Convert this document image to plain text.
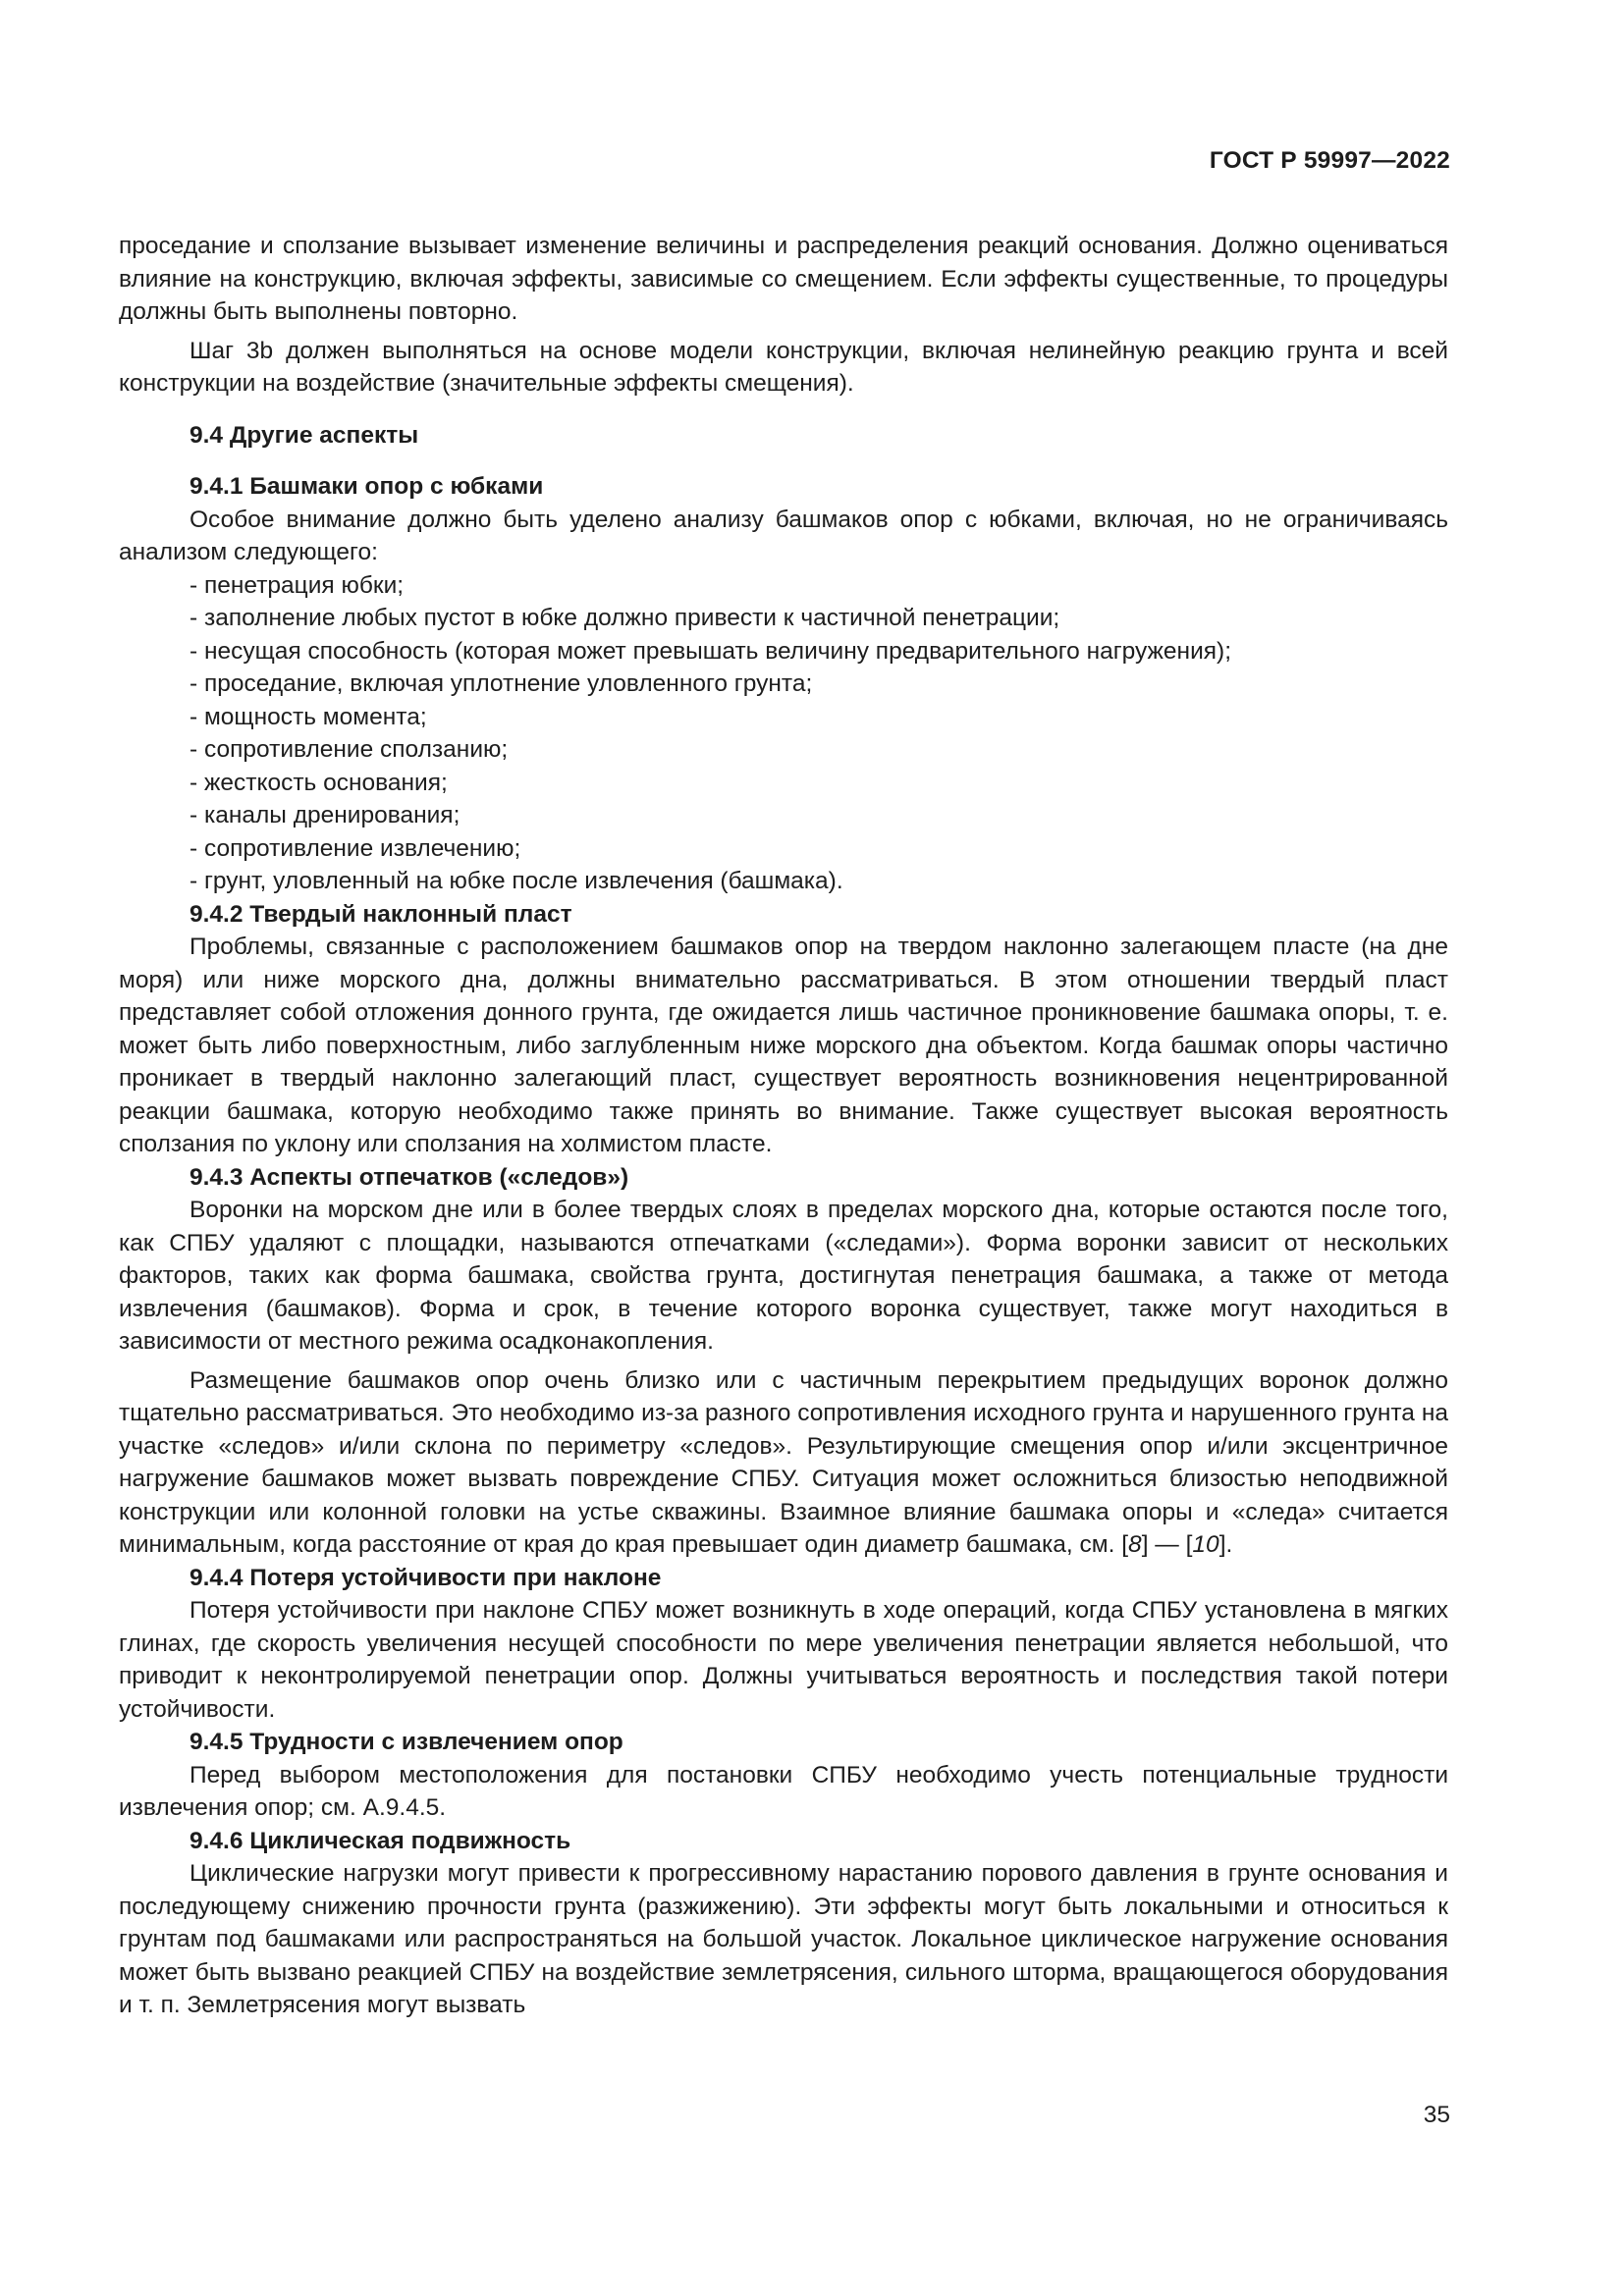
ГОСТ Р 59997—2022

проседание и сползание вызывает изменение величины и распределения реакций основания. Должно оцениваться влияние на конструкцию, включая эффекты, зависимые со смещением. Если эффекты существенные, то процедуры должны быть выполнены повторно.

Шаг 3b должен выполняться на основе модели конструкции, включая нелинейную реакцию грунта и всей конструкции на воздействие (значительные эффекты смещения).

9.4 Другие аспекты

9.4.1 Башмаки опор с юбками

Особое внимание должно быть уделено анализу башмаков опор с юбками, включая, но не ограничиваясь анализом следующего:

- пенетрация юбки;

- заполнение любых пустот в юбке должно привести к частичной пенетрации;

- несущая способность (которая может превышать величину предварительного нагружения);

- проседание, включая уплотнение уловленного грунта;

- мощность момента;

- сопротивление сползанию;

- жесткость основания;

- каналы дренирования;

- сопротивление извлечению;

- грунт, уловленный на юбке после извлечения (башмака).

9.4.2 Твердый наклонный пласт

Проблемы, связанные с расположением башмаков опор на твердом наклонно залегающем пласте (на дне моря) или ниже морского дна, должны внимательно рассматриваться. В этом отношении твердый пласт представляет собой отложения донного грунта, где ожидается лишь частичное проникновение башмака опоры, т. е. может быть либо поверхностным, либо заглубленным ниже морского дна объектом. Когда башмак опоры частично проникает в твердый наклонно залегающий пласт, существует вероятность возникновения нецентрированной реакции башмака, которую необходимо также принять во внимание. Также существует высокая вероятность сползания по уклону или сползания на холмистом пласте.

9.4.3 Аспекты отпечатков («следов»)

Воронки на морском дне или в более твердых слоях в пределах морского дна, которые остаются после того, как СПБУ удаляют с площадки, называются отпечатками («следами»). Форма воронки зависит от нескольких факторов, таких как форма башмака, свойства грунта, достигнутая пенетрация башмака, а также от метода извлечения (башмаков). Форма и срок, в течение которого воронка существует, также могут находиться в зависимости от местного режима осадконакопления.

Размещение башмаков опор очень близко или с частичным перекрытием предыдущих воронок должно тщательно рассматриваться. Это необходимо из-за разного сопротивления исходного грунта и нарушенного грунта на участке «следов» и/или склона по периметру «следов». Результирующие смещения опор и/или эксцентричное нагружение башмаков может вызвать повреждение СПБУ. Ситуация может осложниться близостью неподвижной конструкции или колонной головки на устье скважины. Взаимное влияние башмака опоры и «следа» считается минимальным, когда расстояние от края до края превышает один диаметр башмака, см. [8] — [10].

9.4.4 Потеря устойчивости при наклоне

Потеря устойчивости при наклоне СПБУ может возникнуть в ходе операций, когда СПБУ установлена в мягких глинах, где скорость увеличения несущей способности по мере увеличения пенетрации является небольшой, что приводит к неконтролируемой пенетрации опор. Должны учитываться вероятность и последствия такой потери устойчивости.

9.4.5 Трудности с извлечением опор

Перед выбором местоположения для постановки СПБУ необходимо учесть потенциальные трудности извлечения опор; см. А.9.4.5.

9.4.6 Циклическая подвижность

Циклические нагрузки могут привести к прогрессивному нарастанию порового давления в грунте основания и последующему снижению прочности грунта (разжижению). Эти эффекты могут быть локальными и относиться к грунтам под башмаками или распространяться на большой участок. Локальное циклическое нагружение основания может быть вызвано реакцией СПБУ на воздействие землетрясения, сильного шторма, вращающегося оборудования и т. п. Землетрясения могут вызвать

35
